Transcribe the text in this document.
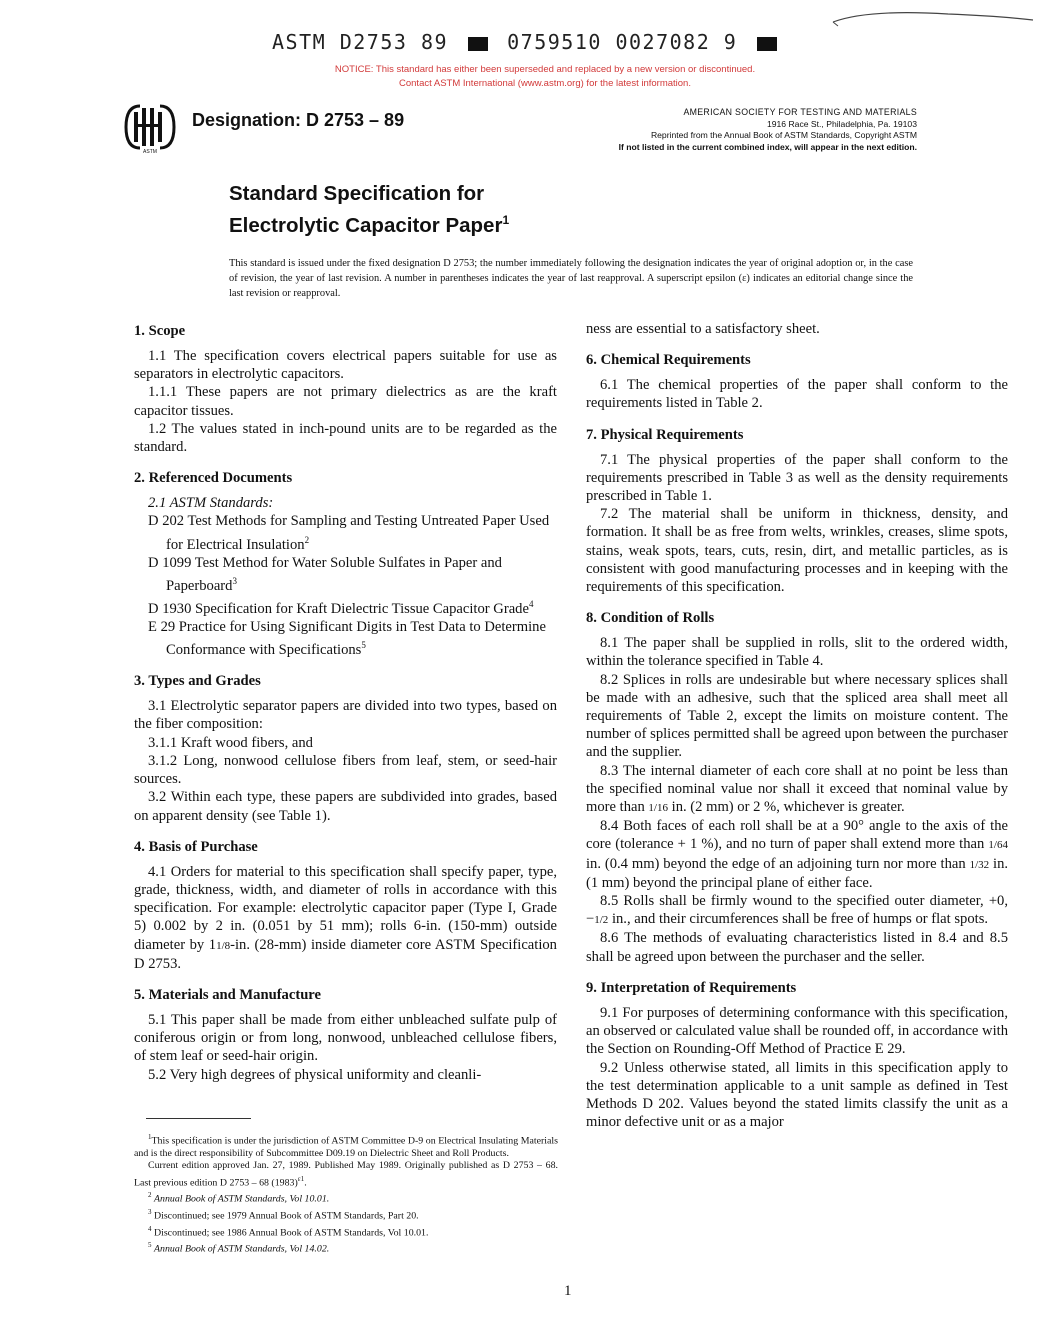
ASTM D2753 89	0759510 0027082 9
NOTICE: This standard has either been superseded and replaced by a new version or discontinued.
Contact ASTM International (www.astm.org) for the latest information.
ASTM
Designation: D 2753 – 89	AMERICAN SOCIETY FOR TESTING AND MATERIALS
1916 Race St., Philadelphia, Pa. 19103
Reprinted from the Annual Book of ASTM Standards, Copyright ASTM
If not listed in the current combined index, will appear in the next edition.
Standard Specification for
Electrolytic Capacitor Paper$^1$
This standard is issued under the fixed designation D 2753; the number immediately following the designation indicates the year of original adoption or, in the case of revision, the year of last revision. A number in parentheses indicates the year of last reapproval. A superscript epsilon (ε) indicates an editorial change since the last revision or reapproval.
1. Scope

1.1 The specification covers electrical papers suitable for use as separators in electrolytic capacitors.

1.1.1 These papers are not primary dielectrics as are the kraft capacitor tissues.

1.2 The values stated in inch-pound units are to be regarded as the standard.

2. Referenced Documents

2.1 ASTM Standards:

D 202 Test Methods for Sampling and Testing Untreated Paper Used for Electrical Insulation$^2$

D 1099 Test Method for Water Soluble Sulfates in Paper and Paperboard$^3$

D 1930 Specification for Kraft Dielectric Tissue Capacitor Grade$^4$

E 29 Practice for Using Significant Digits in Test Data to Determine Conformance with Specifications$^5$

3. Types and Grades

3.1 Electrolytic separator papers are divided into two types, based on the fiber composition:

3.1.1 Kraft wood fibers, and

3.1.2 Long, nonwood cellulose fibers from leaf, stem, or seed-hair sources.

3.2 Within each type, these papers are subdivided into grades, based on apparent density (see Table 1).

4. Basis of Purchase

4.1 Orders for material to this specification shall specify paper, type, grade, thickness, width, and diameter of rolls in accordance with this specification. For example: electrolytic capacitor paper (Type I, Grade 5) 0.002 by 2 in. (0.051 by 51 mm); rolls 6-in. (150-mm) outside diameter by 11/8-in. (28-mm) inside diameter core ASTM Specification D 2753.

5. Materials and Manufacture

5.1 This paper shall be made from either unbleached sulfate pulp of coniferous origin or from long, nonwood, unbleached cellulose fibers, of stem leaf or seed-hair origin.

5.2 Very high degrees of physical uniformity and cleanli-

ness are essential to a satisfactory sheet.

6. Chemical Requirements

6.1 The chemical properties of the paper shall conform to the requirements listed in Table 2.

7. Physical Requirements

7.1 The physical properties of the paper shall conform to the requirements prescribed in Table 3 as well as the density requirements prescribed in Table 1.

7.2 The material shall be uniform in thickness, density, and formation. It shall be as free from welts, wrinkles, creases, slime spots, stains, weak spots, tears, cuts, resin, dirt, and metallic particles, as is consistent with good manufacturing processes and in keeping with the requirements of this specification.

8. Condition of Rolls

8.1 The paper shall be supplied in rolls, slit to the ordered width, within the tolerance specified in Table 4.

8.2 Splices in rolls are undesirable but where necessary splices shall be made with an adhesive, such that the spliced area shall meet all requirements of Table 2, except the limits on moisture content. The number of splices permitted shall be agreed upon between the purchaser and the supplier.

8.3 The internal diameter of each core shall at no point be less than the specified nominal value nor shall it exceed that nominal value by more than 1/16 in. (2 mm) or 2 %, whichever is greater.

8.4 Both faces of each roll shall be at a 90° angle to the axis of the core (tolerance + 1 %), and no turn of paper shall extend more than 1/64 in. (0.4 mm) beyond the edge of an adjoining turn nor more than 1/32 in. (1 mm) beyond the principal plane of either face.

8.5 Rolls shall be firmly wound to the specified outer diameter, +0, −1/2 in., and their circumferences shall be free of humps or flat spots.

8.6 The methods of evaluating characteristics listed in 8.4 and 8.5 shall be agreed upon between the purchaser and the seller.

9. Interpretation of Requirements

9.1 For purposes of determining conformance with this specification, an observed or calculated value shall be rounded off, in accordance with the Section on Rounding-Off Method of Practice E 29.

9.2 Unless otherwise stated, all limits in this specification apply to the test determination applicable to a unit sample as defined in Test Methods D 202. Values beyond the stated limits classify the unit as a minor defective unit or as a major

$^1$This specification is under the jurisdiction of ASTM Committee D-9 on Electrical Insulating Materials and is the direct responsibility of Subcommittee D09.19 on Dielectric Sheet and Roll Products.

Current edition approved Jan. 27, 1989. Published May 1989. Originally published as D 2753 – 68. Last previous edition D 2753 – 68 $(1983)^{\varepsilon 1}$.

$^2$ Annual Book of ASTM Standards, Vol 10.01.

$^3$ Discontinued; see 1979 Annual Book of ASTM Standards, Part 20.

$^4$ Discontinued; see 1986 Annual Book of ASTM Standards, Vol 10.01.

$^5$ Annual Book of ASTM Standards, Vol 14.02.

1
